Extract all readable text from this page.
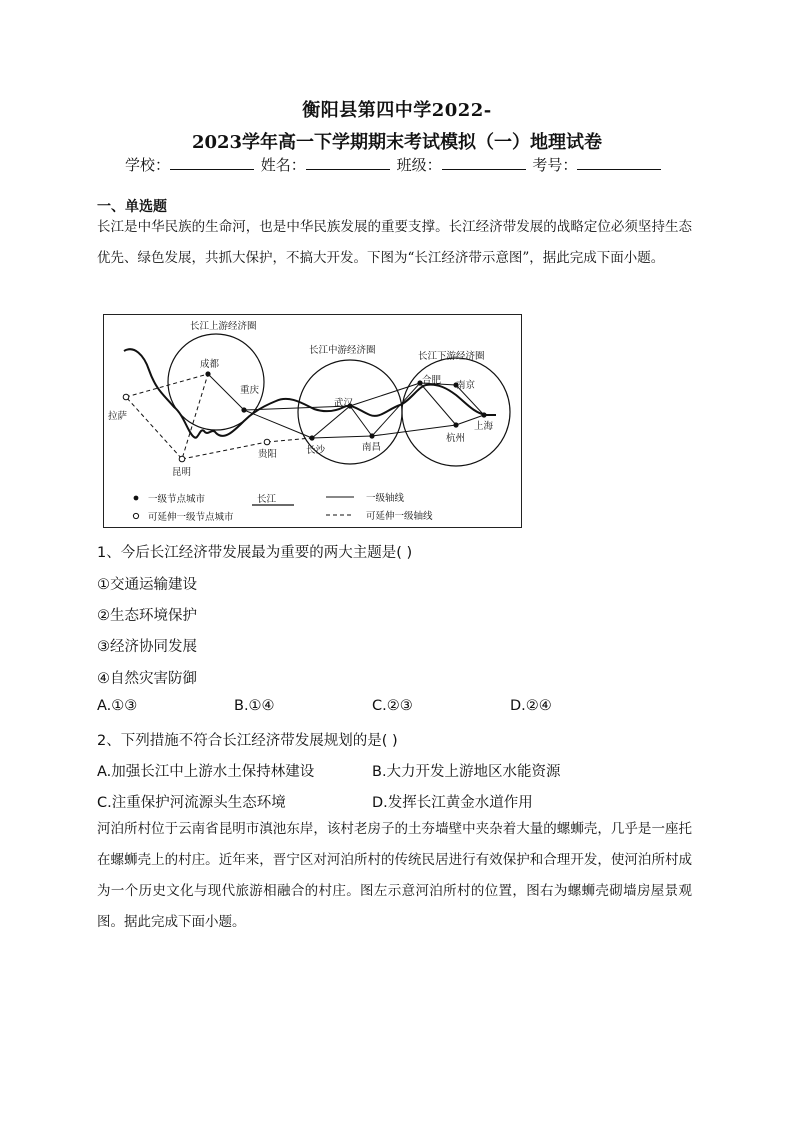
衡阳县第四中学2022-
2023学年高一下学期期末考试模拟（一）地理试卷
学校：	姓名：	班级：	考号：
一、单选题
长江是中华民族的生命河，也是中华民族发展的重要支撑。长江经济带发展的战略定位必须坚持生态优先、绿色发展，共抓大保护，不搞大开发。下图为“长江经济带示意图”，据此完成下面小题。
长江上游经济圈
长江中游经济圈
长江下游经济圈
成都
重庆
拉萨
昆明
贵阳
武汉
长沙	南昌
合肥 南京
上海
杭州
一级节点城市
可延伸一级节点城市
长江	一级轴线
可延伸一级轴线
1、今后长江经济带发展最为重要的两大主题是( )
①交通运输建设
②生态环境保护
③经济协同发展
④自然灾害防御
A.①③	B.①④	C.②③	D.②④
2、下列措施不符合长江经济带发展规划的是( )
A.加强长江中上游水土保持林建设	B.大力开发上游地区水能资源
C.注重保护河流源头生态环境	D.发挥长江黄金水道作用
河泊所村位于云南省昆明市滇池东岸，该村老房子的土夯墙壁中夹杂着大量的螺蛳壳，几乎是一座托在螺蛳壳上的村庄。近年来，晋宁区对河泊所村的传统民居进行有效保护和合理开发，使河泊所村成为一个历史文化与现代旅游相融合的村庄。图左示意河泊所村的位置，图右为螺蛳壳砌墙房屋景观图。据此完成下面小题。
